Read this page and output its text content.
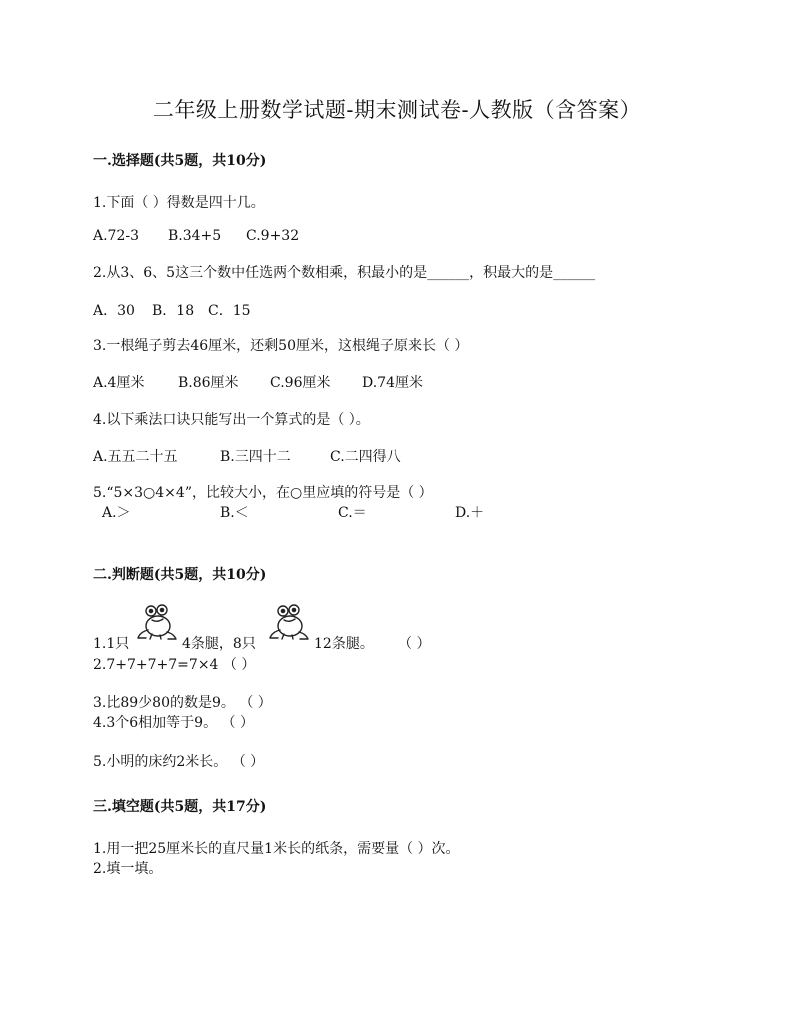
二年级上册数学试题-期末测试卷-人教版（含答案）
一.选择题(共5题，共10分)
1.下面（ ）得数是四十几。
A.72-3 B.34+5 C.9+32
2.从3、6、5这三个数中任选两个数相乘，积最小的是______，积最大的是______
A．30 B．18 C．15
3.一根绳子剪去46厘米，还剩50厘米，这根绳子原来长（ ）
A.4厘米 B.86厘米 C.96厘米 D.74厘米
4.以下乘法口诀只能写出一个算式的是（ ）。
A.五五二十五	B.三四十二	C.二四得八
5.“5×3○4×4”，比较大小，在○里应填的符号是（ ）
A.＞	B.＜	C.＝	D.＋
二.判断题(共5题，共10分)
1.1只	4条腿，8只	12条腿。 （ ）
2.7+7+7+7=7×4 （ ）
3.比89少80的数是9。 （ ）
4.3个6相加等于9。 （ ）
5.小明的床约2米长。 （ ）
三.填空题(共5题，共17分)
1.用一把25厘米长的直尺量1米长的纸条，需要量（ ）次。
2.填一填。
